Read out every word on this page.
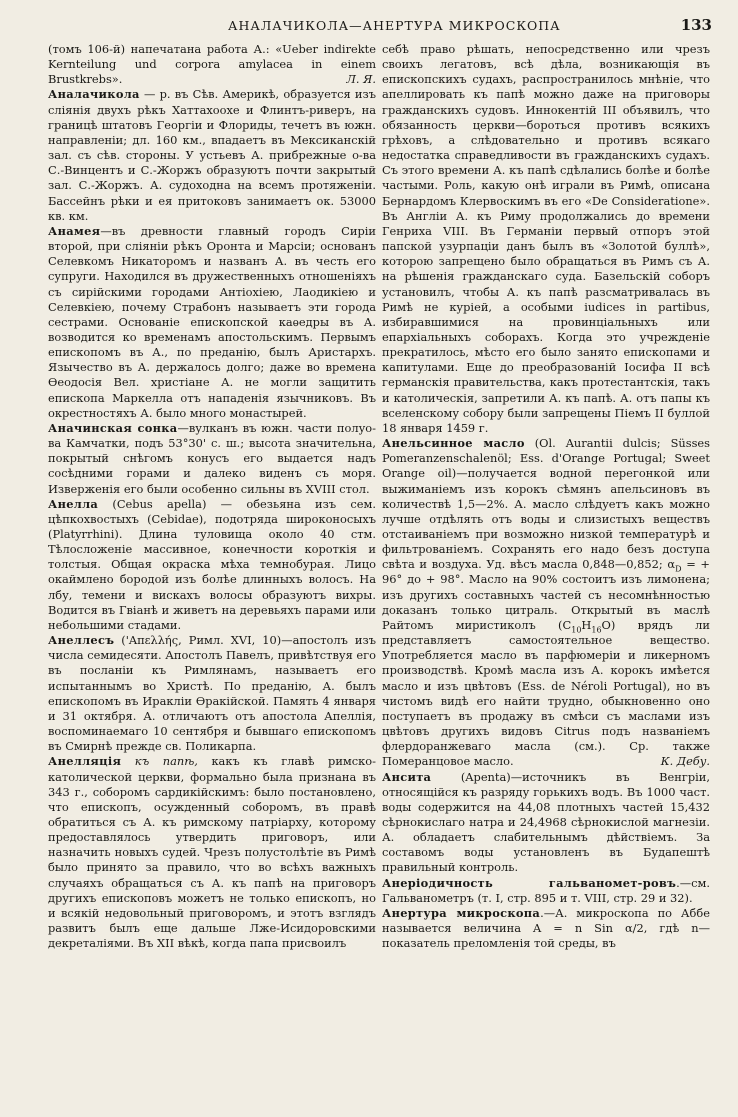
АНАЛАЧИКОЛА—АНЕРТУРА МИКРОСКОПА	133

(томъ 106-й) напечатана работа А.: «Ueber indirekte Kernteilung und corpora amylacea in einem Brustkrebs».	Л. Я.

Аналачикола — р. въ Сѣв. Америкѣ, образуется изъ слiянiя двухъ рѣкъ Хаттахоохе и Флинтъ-риверъ, на границѣ штатовъ Георгiи и Флориды, течетъ въ южн. направленiи; дл. 160 км., впадаетъ въ Мексиканскiй зал. съ сѣв. стороны. У устьевъ А. прибрежные о-ва С.-Винцентъ и С.-Жоржъ образуютъ почти закрытый зал. С.-Жоржъ. А. судоходна на всемъ протяженiи. Бассейнъ рѣки и ея притоковъ занимаетъ ок. 53000 кв. км.

Анамея—въ древности главный городъ Сирiи второй, при слiянiи рѣкъ Оронта и Марсiи; основанъ Селевкомъ Никаторомъ и названъ А. въ честь его супруги. Находился въ дружественныхъ отношенiяхъ съ сирiйскими городами Антiохiею, Лаодикiею и Селевкiею, почему Страбонъ называетъ эти города сестрами. Основанiе епископской каѳедры въ А. возводится ко временамъ апостольскимъ. Первымъ епископомъ въ А., по преданiю, былъ Аристархъ. Язычество въ А. держалось долго; даже во времена Ѳеодосiя Вел. христiане А. не могли защитить епископа Маркелла отъ нападенiя язычниковъ. Въ окрестностяхъ А. было много монастырей.

Аначинская сонка—вулканъ въ южн. части полуо-ва Камчатки, подъ 53°30' с. ш.; высота значительна, покрытый снѣгомъ конусъ его выдается надъ сосѣдними горами и далеко виденъ съ моря. Изверженiя его были особенно сильны въ XVIII стол.

Анелла (Cebus apella) — обезьяна изъ сем. цѣпкохвостыхъ (Cebidae), подотряда широконосыхъ (Platyrrhini). Длина туловища около 40 стм. Тѣлосложенiе массивное, конечности короткiя и толстыя. Общая окраска мѣха темнобурая. Лицо окаймлено бородой изъ болѣе длинныхъ волосъ. На лбу, темени и вискахъ волосы образуютъ вихры. Водится въ Гвiанѣ и живетъ на деревьяхъ парами или небольшими стадами.

Анеллесъ ('Απελλής, Римл. XVI, 10)—апостолъ изъ числа семидесяти. Апостолъ Павелъ, привѣтствуя его въ посланiи къ Римлянамъ, называетъ его испытаннымъ во Христѣ. По преданiю, А. былъ епископомъ въ Ираклiи Ѳракiйской. Память 4 января и 31 октября. А. отличаютъ отъ апостола Апеллiя, воспоминаемаго 10 сентября и бывшаго епископомъ въ Смирнѣ прежде св. Поликарпа.

Анелляцiя къ папѣ, какъ къ главѣ римско-католической церкви, формально была признана въ 343 г., соборомъ сардикiйскимъ: было постановлено, что епископъ, осужденный соборомъ, въ правѣ обратиться съ А. къ римскому патрiарху, которому предоставлялось утвердить приговоръ, или назначить новыхъ судей. Чрезъ полустолѣтiе въ Римѣ было принято за правило, что во всѣхъ важныхъ случаяхъ обращаться съ А. къ папѣ на приговоръ другихъ епископовъ можетъ не только епископъ, но и всякiй недовольный приговоромъ, и этотъ взглядъ развитъ былъ еще дальше Лже-Исидоровскими декреталiями. Въ XII вѣкѣ, когда папа присвоилъ

себѣ право рѣшать, непосредственно или чрезъ своихъ легатовъ, всѣ дѣла, возникающiя въ епископскихъ судахъ, распространилось мнѣнiе, что апеллировать къ папѣ можно даже на приговоры гражданскихъ судовъ. Иннокентiй III объявилъ, что обязанность церкви—бороться противъ всякихъ грѣховъ, а слѣдовательно и противъ всякаго недостатка справедливости въ гражданскихъ судахъ. Съ этого времени А. къ папѣ сдѣлались болѣе и болѣе частыми. Роль, какую онѣ играли въ Римѣ, описана Бернардомъ Клервоскимъ въ его «De Consideratione». Въ Англiи А. къ Риму продолжались до времени Генриха VIII. Въ Германiи первый отпоръ этой папской узурпацiи данъ былъ въ «Золотой буллѣ», которою запрещено было обращаться въ Римъ съ А. на рѣшенiя гражданскаго суда. Базельскiй соборъ установилъ, чтобы А. къ папѣ разсматривалась въ Римѣ не курiей, а особыми iudices in partibus, избиравшимися на провинцiальныхъ или епархiальныхъ соборахъ. Когда это учрежденiе прекратилось, мѣсто его было занято епископами и капитулами. Еще до преобразованiй Iосифа II всѣ германскiя правительства, какъ протестантскiя, такъ и католическiя, запретили А. къ папѣ. А. отъ папы къ вселенскому собору были запрещены Пiемъ II буллой 18 января 1459 г.

Анельсинное масло (Ol. Aurantii dulcis; Süsses Pomeranzenschalenöl; Ess. d'Orange Portugal; Sweet Orange oil)—получается водной перегонкой или выжиманiемъ изъ корокъ сѣмянъ апельсиновъ въ количествѣ 1,5—2%. А. масло слѣдуетъ какъ можно лучше отдѣлять отъ воды и слизистыхъ веществъ отстаиванiемъ при возможно низкой температурѣ и фильтрованiемъ. Сохранять его надо безъ доступа свѣта и воздуха. Уд. вѣсъ масла 0,848—0,852; $\alpha_D$ = + 96° до + 98°. Масло на 90% состоитъ изъ лимонена; изъ другихъ составныхъ частей съ несомнѣнностью доказанъ только цитраль. Открытый въ маслѣ Райтомъ миристиколъ $(C_{10}H_{16}O)$ врядъ ли представляетъ самостоятельное вещество. Употребляется масло въ парфюмерiи и ликерномъ производствѣ. Кромѣ масла изъ А. корокъ имѣется масло и изъ цвѣтовъ (Ess. de Néroli Portugal), но въ чистомъ видѣ его найти трудно, обыкновенно оно поступаетъ въ продажу въ смѣси съ маслами изъ цвѣтовъ другихъ видовъ Citrus подъ названiемъ флердоранжеваго масла (см.). Ср. также Померанцовое масло.	К. Дебу.

Ансита (Apenta)—источникъ въ Венгрiи, относящiйся къ разряду горькихъ водъ. Въ 1000 част. воды содержится на 44,08 плотныхъ частей 15,432 сѣрнокислаго натра и 24,4968 сѣрнокислой магнезiи. А. обладаетъ слабительнымъ дѣйствiемъ. За составомъ воды установленъ въ Будапештѣ правильный контроль.

Анерiодичность гальваномет-ровъ.—см. Гальванометръ (т. I, стр. 895 и т. VIII, стр. 29 и 32).

Анертура микроскопа.—А. микроскопа по Аббе называется величина A = n Sin α/2, гдѣ n—показатель преломленiя той среды, въ
